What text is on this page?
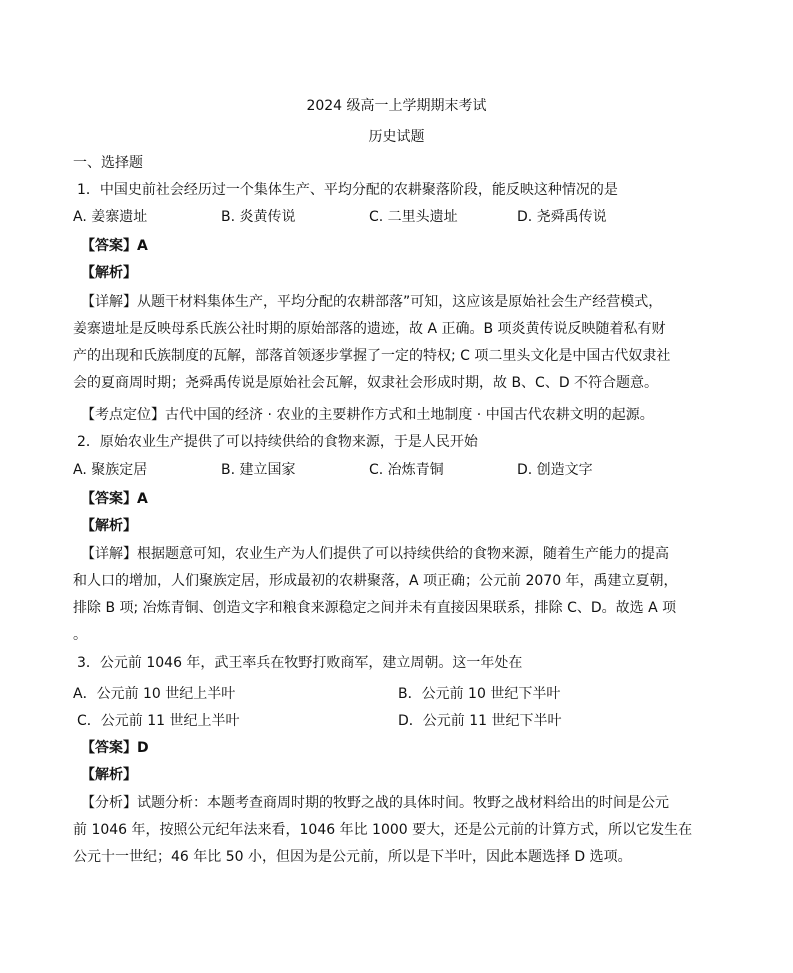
2024 级高一上学期期末考试
历史试题
一、选择题
1．中国史前社会经历过一个集体生产、平均分配的农耕聚落阶段，能反映这种情况的是
A. 姜寨遗址	B. 炎黄传说	C. 二里头遗址	D. 尧舜禹传说
【答案】A
【解析】
【详解】从题干材料集体生产，平均分配的农耕部落”可知，这应该是原始社会生产经营模式，
姜寨遗址是反映母系氏族公社时期的原始部落的遗迹，故 A 正确。B 项炎黄传说反映随着私有财
产的出现和氏族制度的瓦解，部落首领逐步掌握了一定的特权; C 项二里头文化是中国古代奴隶社
会的夏商周时期；尧舜禹传说是原始社会瓦解，奴隶社会形成时期，故 B、C、D 不符合题意。
【考点定位】古代中国的经济 · 农业的主要耕作方式和土地制度 · 中国古代农耕文明的起源。
2．原始农业生产提供了可以持续供给的食物来源，于是人民开始
A. 聚族定居	B. 建立国家	C. 冶炼青铜	D. 创造文字
【答案】A
【解析】
【详解】根据题意可知，农业生产为人们提供了可以持续供给的食物来源，随着生产能力的提高
和人口的增加，人们聚族定居，形成最初的农耕聚落，A 项正确；公元前 2070 年，禹建立夏朝，
排除 B 项; 冶炼青铜、创造文字和粮食来源稳定之间并未有直接因果联系，排除 C、D。故选 A 项
。
3．公元前 1046 年，武王率兵在牧野打败商军，建立周朝。这一年处在
A．公元前 10 世纪上半叶	B．公元前 10 世纪下半叶
C．公元前 11 世纪上半叶	D．公元前 11 世纪下半叶
【答案】D
【解析】
【分析】试题分析：本题考查商周时期的牧野之战的具体时间。牧野之战材料给出的时间是公元
前 1046 年，按照公元纪年法来看，1046 年比 1000 要大，还是公元前的计算方式，所以它发生在
公元十一世纪；46 年比 50 小，但因为是公元前，所以是下半叶，因此本题选择 D 选项。
